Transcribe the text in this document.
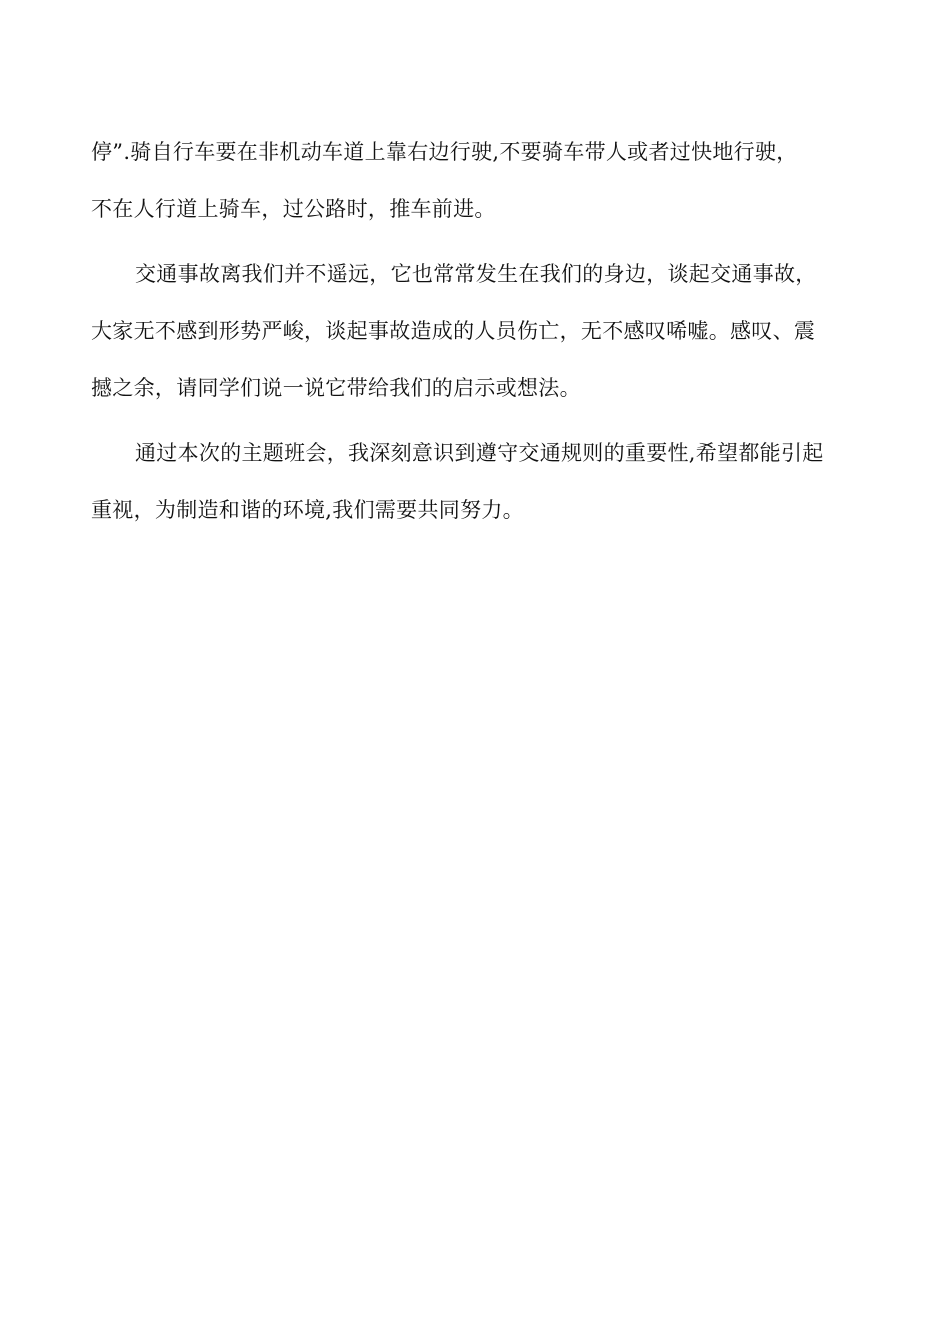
停”.骑自行车要在非机动车道上靠右边行驶,不要骑车带人或者过快地行驶，
不在人行道上骑车，过公路时，推车前进。
交通事故离我们并不遥远，它也常常发生在我们的身边，谈起交通事故，
大家无不感到形势严峻，谈起事故造成的人员伤亡，无不感叹唏嘘。感叹、震
撼之余，请同学们说一说它带给我们的启示或想法。
通过本次的主题班会，我深刻意识到遵守交通规则的重要性,希望都能引起
重视，为制造和谐的环境,我们需要共同努力。
